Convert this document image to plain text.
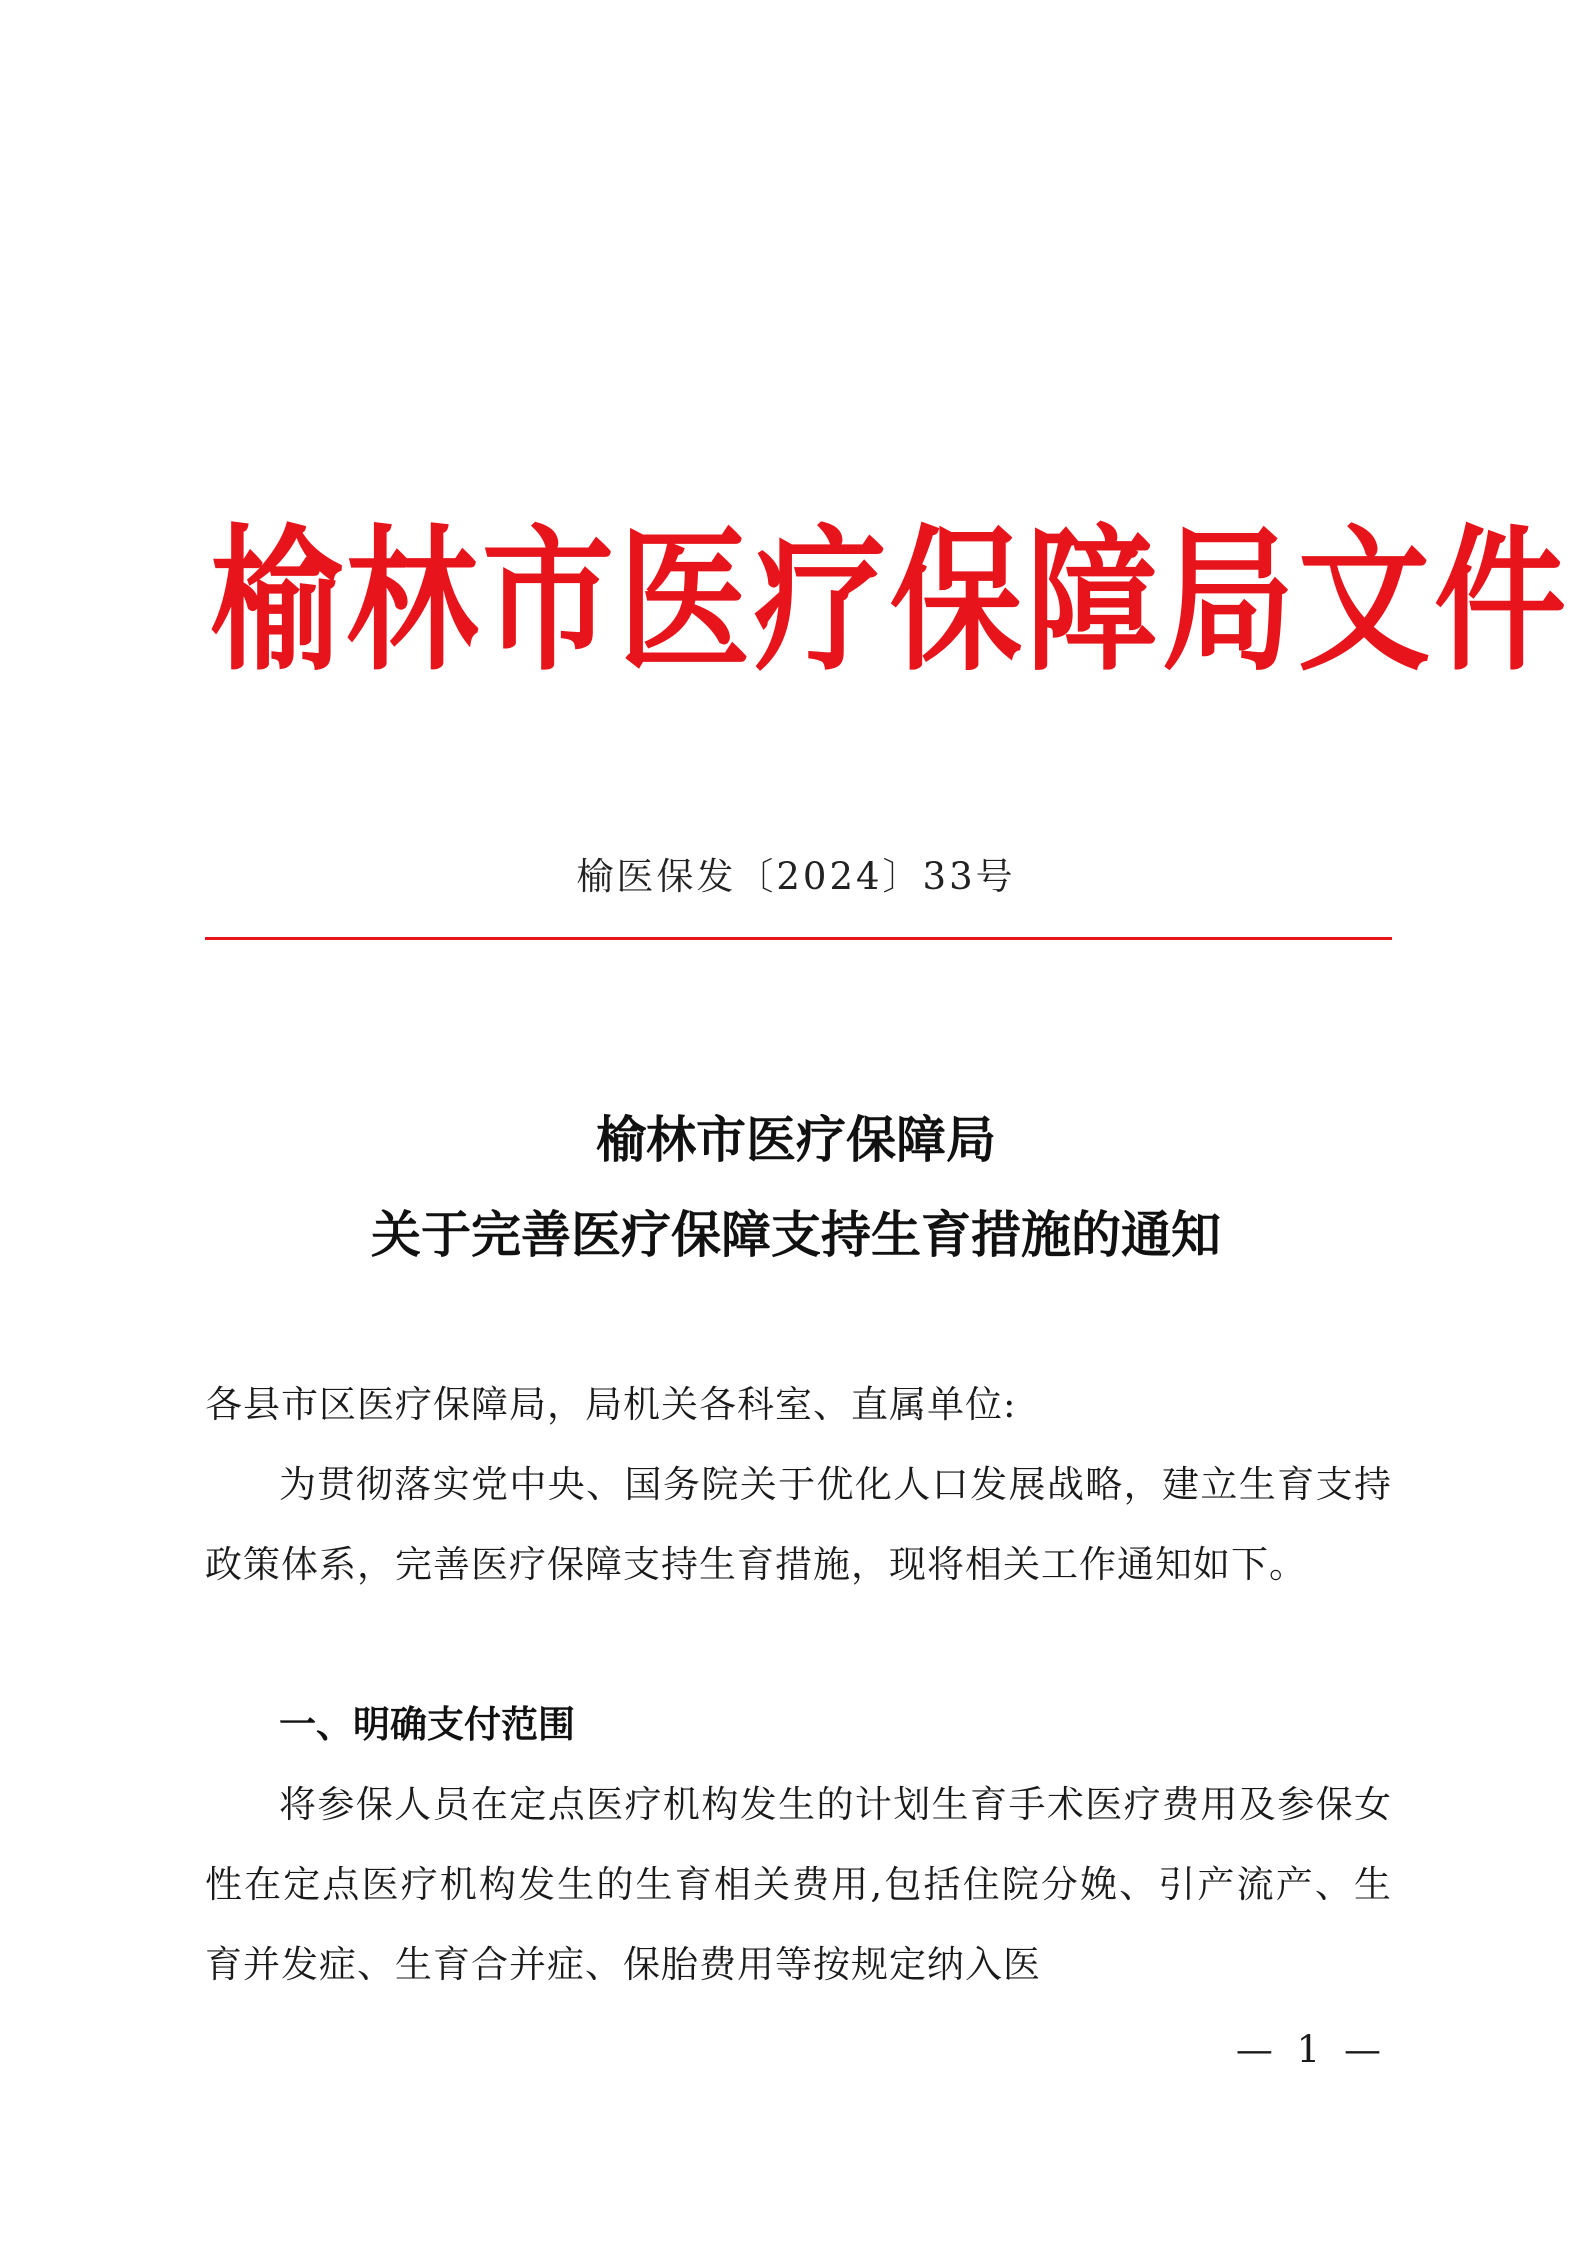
榆林市医疗保障局文件
榆医保发〔2024〕33号
榆林市医疗保障局
关于完善医疗保障支持生育措施的通知
各县市区医疗保障局，局机关各科室、直属单位:
为贯彻落实党中央、国务院关于优化人口发展战略，建立生育支持政策体系，完善医疗保障支持生育措施，现将相关工作通知如下。
一、明确支付范围
将参保人员在定点医疗机构发生的计划生育手术医疗费用及参保女性在定点医疗机构发生的生育相关费用,包括住院分娩、引产流产、生育并发症、生育合并症、保胎费用等按规定纳入医
— 1 —
